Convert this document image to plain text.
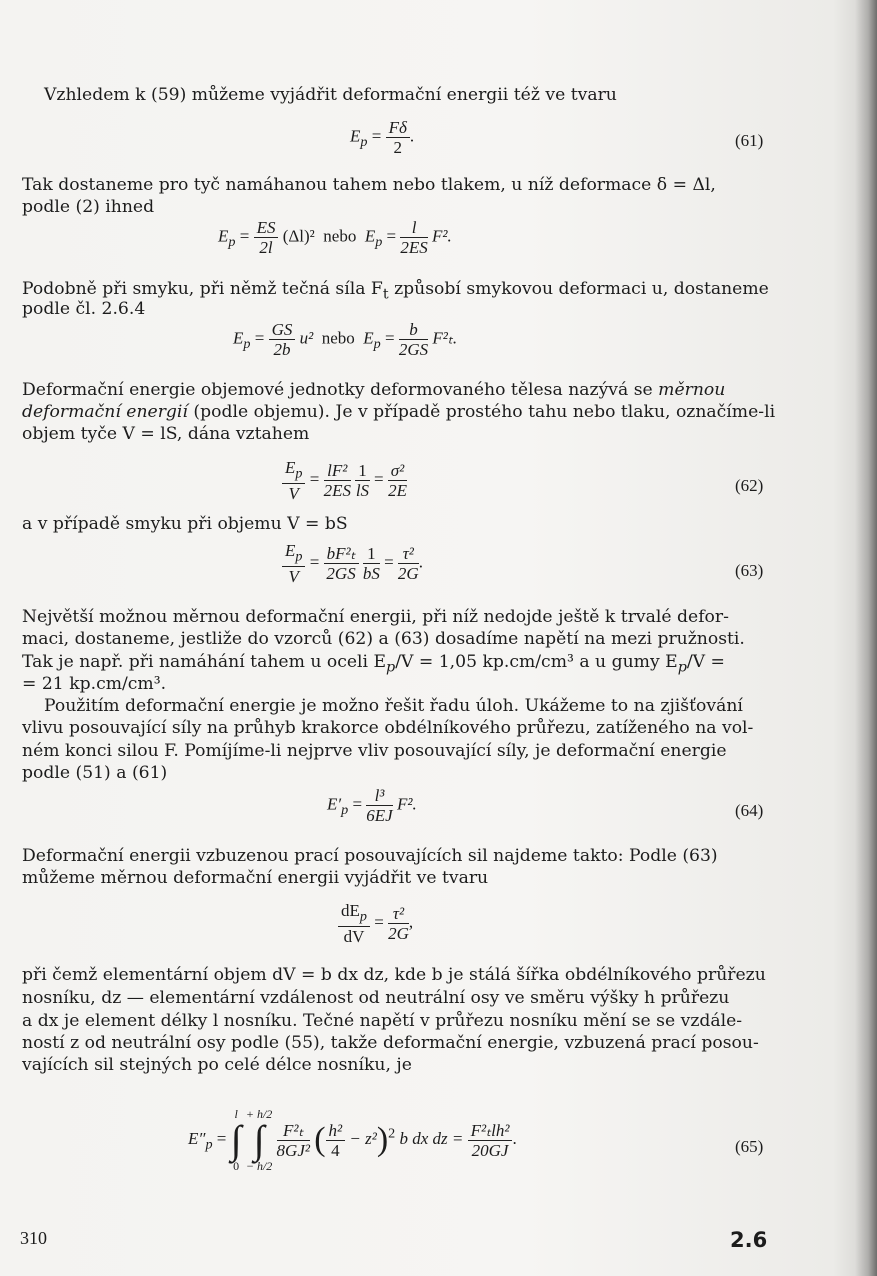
Vzhledem k (59) můžeme vyjádřit deformační energii též ve tvaru
$E_p = \frac{F\delta}{2}$ .	(61)
Tak dostaneme pro tyč namáhanou tahem nebo tlakem, u níž deformace δ = Δl,
podle (2) ihned
$E_p = \frac{ES}{2l} (\Delta l)^2$ nebo $E_p = \frac{l}{2ES} F^2$.
Podobně při smyku, při němž tečná síla $F_t$ způsobí smykovou deformaci u, dostaneme
podle čl. 2.6.4
$E_p = \frac{GS}{2b} u^2$ nebo $E_p = \frac{b}{2GS} F^2_t$.
Deformační energie objemové jednotky deformovaného tělesa nazývá se měrnou
deformační energií (podle objemu). Je v případě prostého tahu nebo tlaku, označíme-li
objem tyče V = lS, dána vztahem
$\frac{E_p}{V} = \frac{\text{lF²}}{2ES}$
$\frac{1}{lS} = \frac{\text{σ²}}{2E}$	(62)
a v případě smyku při objemu V = bS
$\frac{E_p}{V} = \frac{\text{bF²ₜ}}{2GS}$
$\frac{1}{bS} = \frac{\text{τ²}}{2G}$ .	(63)
Největší možnou měrnou deformační energii, při níž nedojde ještě k trvalé defor-
maci, dostaneme, jestliže do vzorců (62) a (63) dosadíme napětí na mezi pružnosti.
Tak je např. při namáhání tahem u oceli $E_p/V = 1,05$ kp.cm/cm³ a u gumy $E_p/V$ =
= 21 kp.cm/cm³.
Použitím deformační energie je možno řešit řadu úloh. Ukážeme to na zjišťování
vlivu posouvající síly na průhyb krakorce obdélníkového průřezu, zatíženého na vol-
ném konci silou F. Pomíjíme-li nejprve vliv posouvající síly, je deformační energie
podle (51) a (61)
$E'_p = \frac{\text{l³}}{6EJ} F^2$.	(64)
Deformační energii vzbuzenou prací posouvajících sil najdeme takto: Podle (63)
můžeme měrnou deformační energii vyjádřit ve tvaru
$\frac{dE_p}{dV} = \frac{\text{τ²}}{2G}$ ,
při čemž elementární objem dV = b dx dz, kde b je stálá šířka obdélníkového průřezu
nosníku, dz — elementární vzdálenost od neutrální osy ve směru výšky h průřezu
a dx je element délky l nosníku. Tečné napětí v průřezu nosníku mění se se vzdále-
ností z od neutrální osy podle (55), takže deformační energie, vzbuzená prací posou-
vajících sil stejných po celé délce nosníku, je
$E''_p$ =
l
∫
0

+ h/2
∫
− h/2

$\frac{\text{F²ₜ}}{\text{8GJ²}}$ ( $\frac{\text{h²}}{4} - z^2)^2$ b dx dz = $\frac{\text{F²ₜlh²}}{20GJ}$ .	(65)
310	2.6
